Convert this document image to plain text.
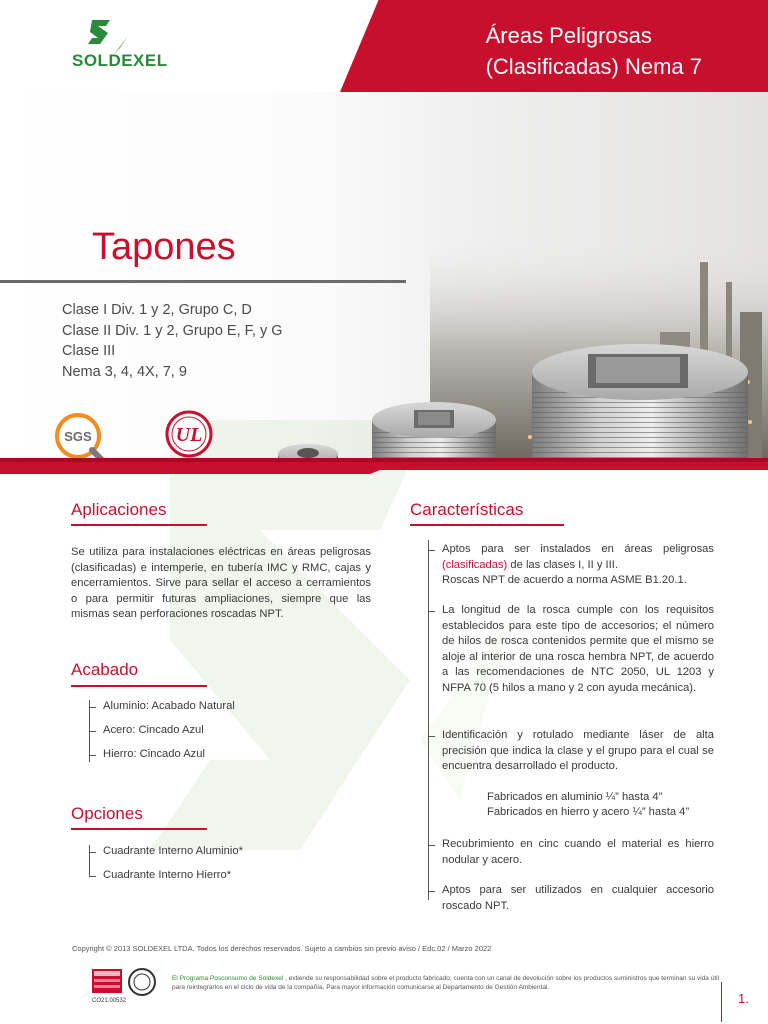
SOLDEXEL
Áreas Peligrosas
(Clasificadas) Nema 7
Tapones
Clase I Div. 1 y 2, Grupo C, D
Clase II Div. 1 y 2, Grupo E, F, y G
Clase III
Nema 3, 4, 4X, 7, 9
SGS	UL
Aplicaciones
Se utiliza para instalaciones eléctricas en áreas peligrosas (clasificadas) e intemperie, en tubería IMC y RMC, cajas y encerramientos. Sirve para sellar el acceso a cerramientos o para permitir futuras ampliaciones, siempre que las mismas sean perforaciones roscadas NPT.
Acabado
Aluminio: Acabado Natural
Acero: Cincado Azul
Hierro: Cincado Azul
Opciones
Cuadrante Interno Aluminio*
Cuadrante Interno Hierro*
Características
Aptos para ser instalados en áreas peligrosas (clasificadas) de las clases I, II y III.
Roscas NPT de acuerdo a norma ASME B1.20.1.
La longitud de la rosca cumple con los requisitos establecidos para este tipo de accesorios; el número de hilos de rosca contenidos permite que el mismo se aloje al interior de una rosca hembra NPT, de acuerdo a las recomendaciones de NTC 2050, UL 1203 y NFPA 70 (5 hilos a mano y 2 con ayuda mecánica).
Identificación y rotulado mediante láser de alta precisión que indica la clase y el grupo para el cual se encuentra desarrollado el producto.
Fabricados en aluminio ¼” hasta 4”
Fabricados en hierro y acero ¼” hasta 4”
Recubrimiento en cinc cuando el material es hierro nodular y acero.
Aptos para ser utilizados en cualquier accesorio roscado NPT.
Copyright © 2013 SOLDEXEL LTDA. Todos los derechos reservados. Sujeto a cambios sin previo aviso / Edc.02 / Marzo 2022
CO21.00532
El Programa Posconsumo de Soldexel , extiende su responsabilidad sobre el producto fabricado; cuenta con un canal de devolución sobre los productos suministros que terminan su vida útil para reintegrarlos en el ciclo de vida de la compañía. Para mayor información comunicarse al Departamento de Gestión Ambiental.
1.
